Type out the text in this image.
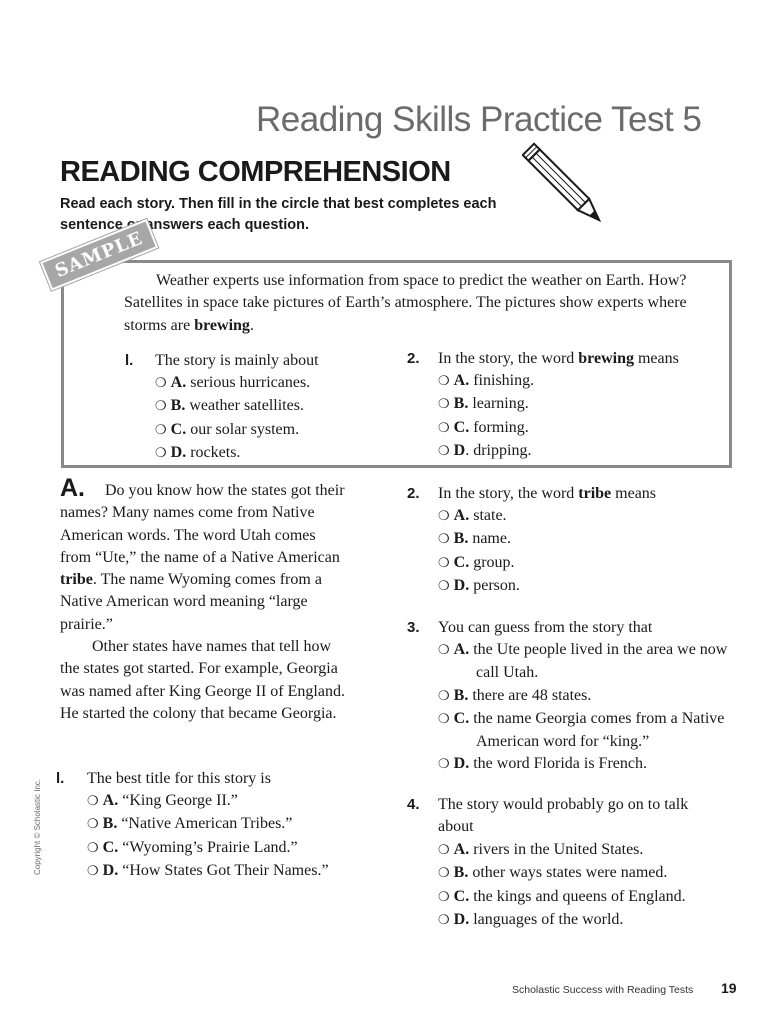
Reading Skills Practice Test 5
READING COMPREHENSION
Read each story. Then fill in the circle that best completes each sentence or answers each question.
SAMPLE Weather experts use information from space to predict the weather on Earth. How? Satellites in space take pictures of Earth’s atmosphere. The pictures show experts where storms are brewing.
l. The story is mainly about
❍ A. serious hurricanes.
❍ B. weather satellites.
❍ C. our solar system.
❍ D. rockets.
2. In the story, the word brewing means
❍ A. finishing.
❍ B. learning.
❍ C. forming.
❍ D. dripping.
A.	Do you know how the states got their names? Many names come from Native American words. The word Utah comes from “Ute,” the name of a Native American tribe. The name Wyoming comes from a Native American word meaning “large prairie.”
Other states have names that tell how the states got started. For example, Georgia was named after King George II of England. He started the colony that became Georgia.
l. The best title for this story is
❍ A. “King George II.”
❍ B. “Native American Tribes.”
❍ C. “Wyoming’s Prairie Land.”
❍ D. “How States Got Their Names.”
2. In the story, the word tribe means
❍ A. state.
❍ B. name.
❍ C. group.
❍ D. person.
3. You can guess from the story that
❍ A. the Ute people lived in the area we now call Utah.
❍ B. there are 48 states.
❍ C. the name Georgia comes from a Native American word for “king.”
❍ D. the word Florida is French.
4. The story would probably go on to talk about
❍ A. rivers in the United States.
❍ B. other ways states were named.
❍ C. the kings and queens of England.
❍ D. languages of the world.
Copyright © Scholastic Inc.
Scholastic Success with Reading Tests 19
